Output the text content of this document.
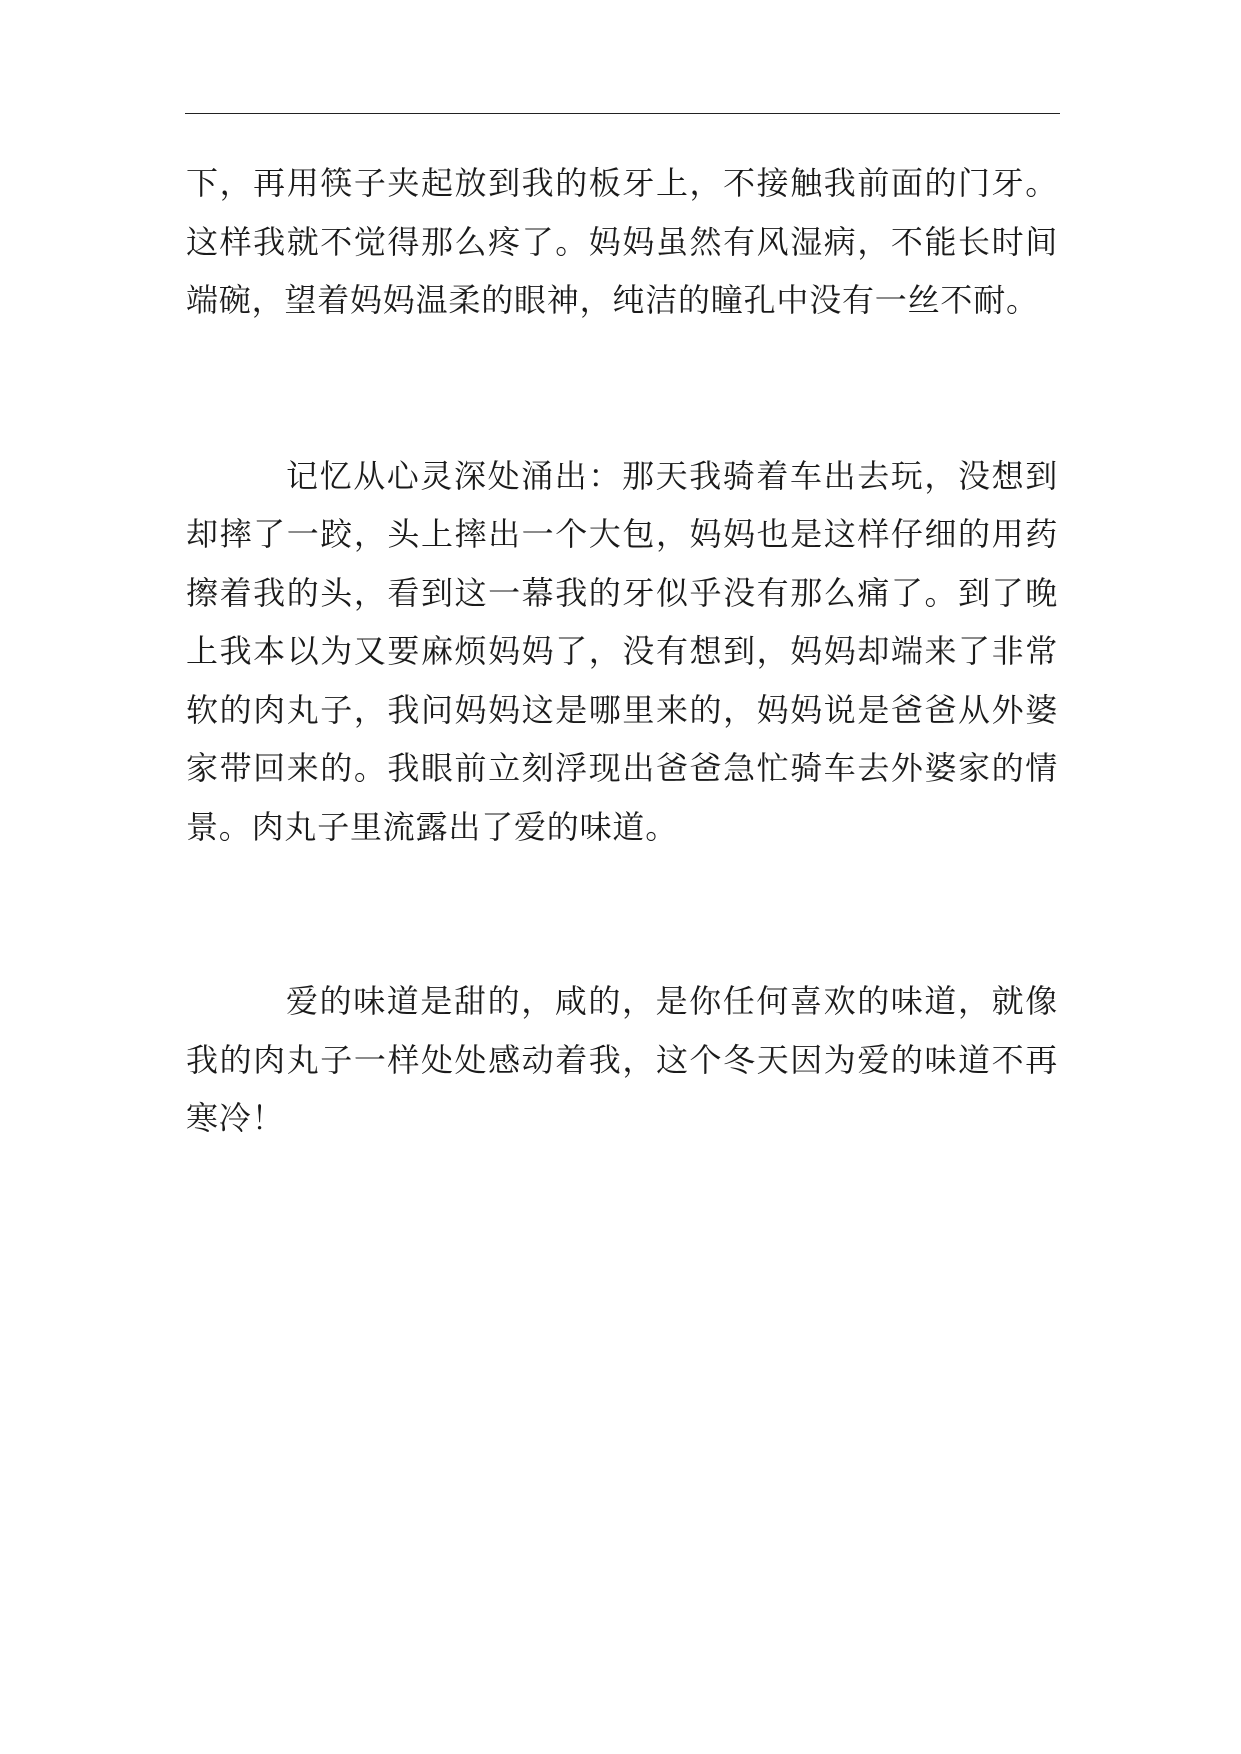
下，再用筷子夹起放到我的板牙上，不接触我前面的门牙。这样我就不觉得那么疼了。妈妈虽然有风湿病，不能长时间端碗，望着妈妈温柔的眼神，纯洁的瞳孔中没有一丝不耐。

记忆从心灵深处涌出：那天我骑着车出去玩，没想到却摔了一跤，头上摔出一个大包，妈妈也是这样仔细的用药擦着我的头，看到这一幕我的牙似乎没有那么痛了。到了晚上我本以为又要麻烦妈妈了，没有想到，妈妈却端来了非常软的肉丸子，我问妈妈这是哪里来的，妈妈说是爸爸从外婆家带回来的。我眼前立刻浮现出爸爸急忙骑车去外婆家的情景。肉丸子里流露出了爱的味道。

爱的味道是甜的，咸的，是你任何喜欢的味道，就像我的肉丸子一样处处感动着我，这个冬天因为爱的味道不再寒冷！
